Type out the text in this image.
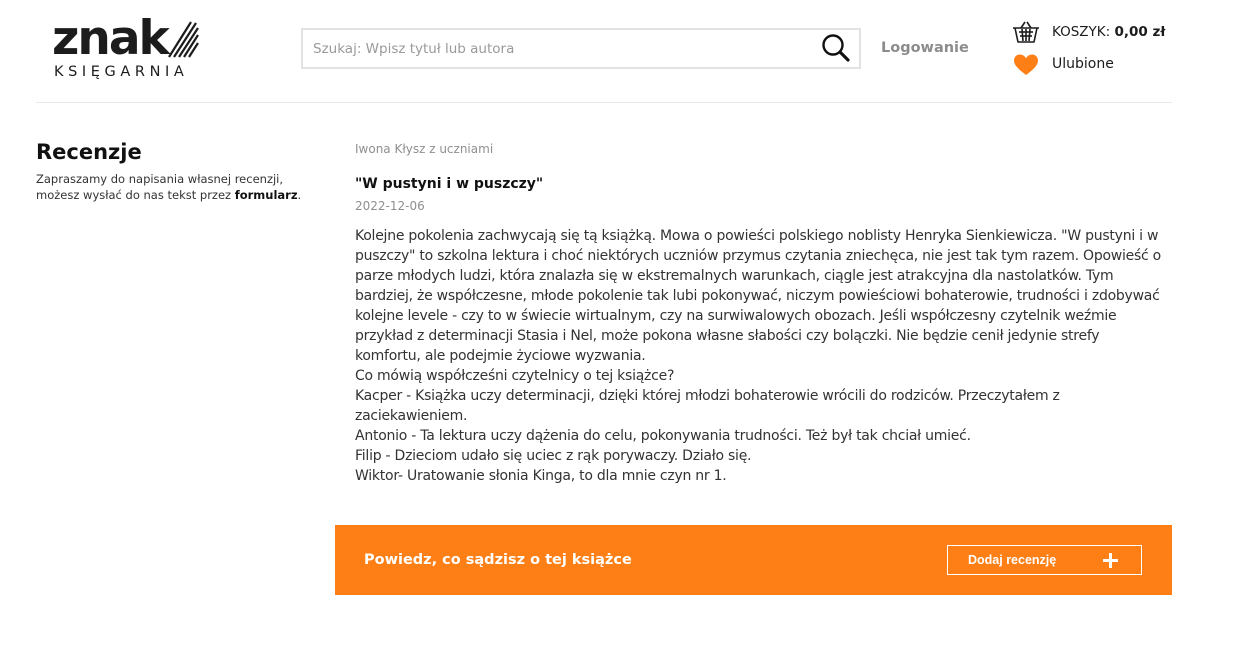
znak
KSIĘGARNIA
Szukaj: Wpisz tytuł lub autora
Logowanie
KOSZYK: 0,00 zł
Ulubione
Recenzje

Zapraszamy do napisania własnej recenzji, możesz wysłać do nas tekst przez formularz.

Iwona Kłysz z uczniami
"W pustyni i w puszczy"
2022-12-06

Kolejne pokolenia zachwycają się tą książką. Mowa o powieści polskiego noblisty Henryka Sienkiewicza. "W pustyni i w puszczy" to szkolna lektura i choć niektórych uczniów przymus czytania zniechęca, nie jest tak tym razem. Opowieść o parze młodych ludzi, która znalazła się w ekstremalnych warunkach, ciągle jest atrakcyjna dla nastolatków. Tym bardziej, że współczesne, młode pokolenie tak lubi pokonywać, niczym powieściowi bohaterowie, trudności i zdobywać kolejne levele - czy to w świecie wirtualnym, czy na surwiwalowych obozach. Jeśli współczesny czytelnik weźmie przykład z determinacji Stasia i Nel, może pokona własne słabości czy bolączki. Nie będzie cenił jedynie strefy komfortu, ale podejmie życiowe wyzwania.

Co mówią współcześni czytelnicy o tej książce?

Kacper - Książka uczy determinacji, dzięki której młodzi bohaterowie wrócili do rodziców. Przeczytałem z zaciekawieniem.

Antonio - Ta lektura uczy dążenia do celu, pokonywania trudności. Też był tak chciał umieć.

Filip - Dzieciom udało się uciec z rąk porywaczy. Działo się.

Wiktor- Uratowanie słonia Kinga, to dla mnie czyn nr 1.

Powiedz, co sądzisz o tej książce	Dodaj recenzję
